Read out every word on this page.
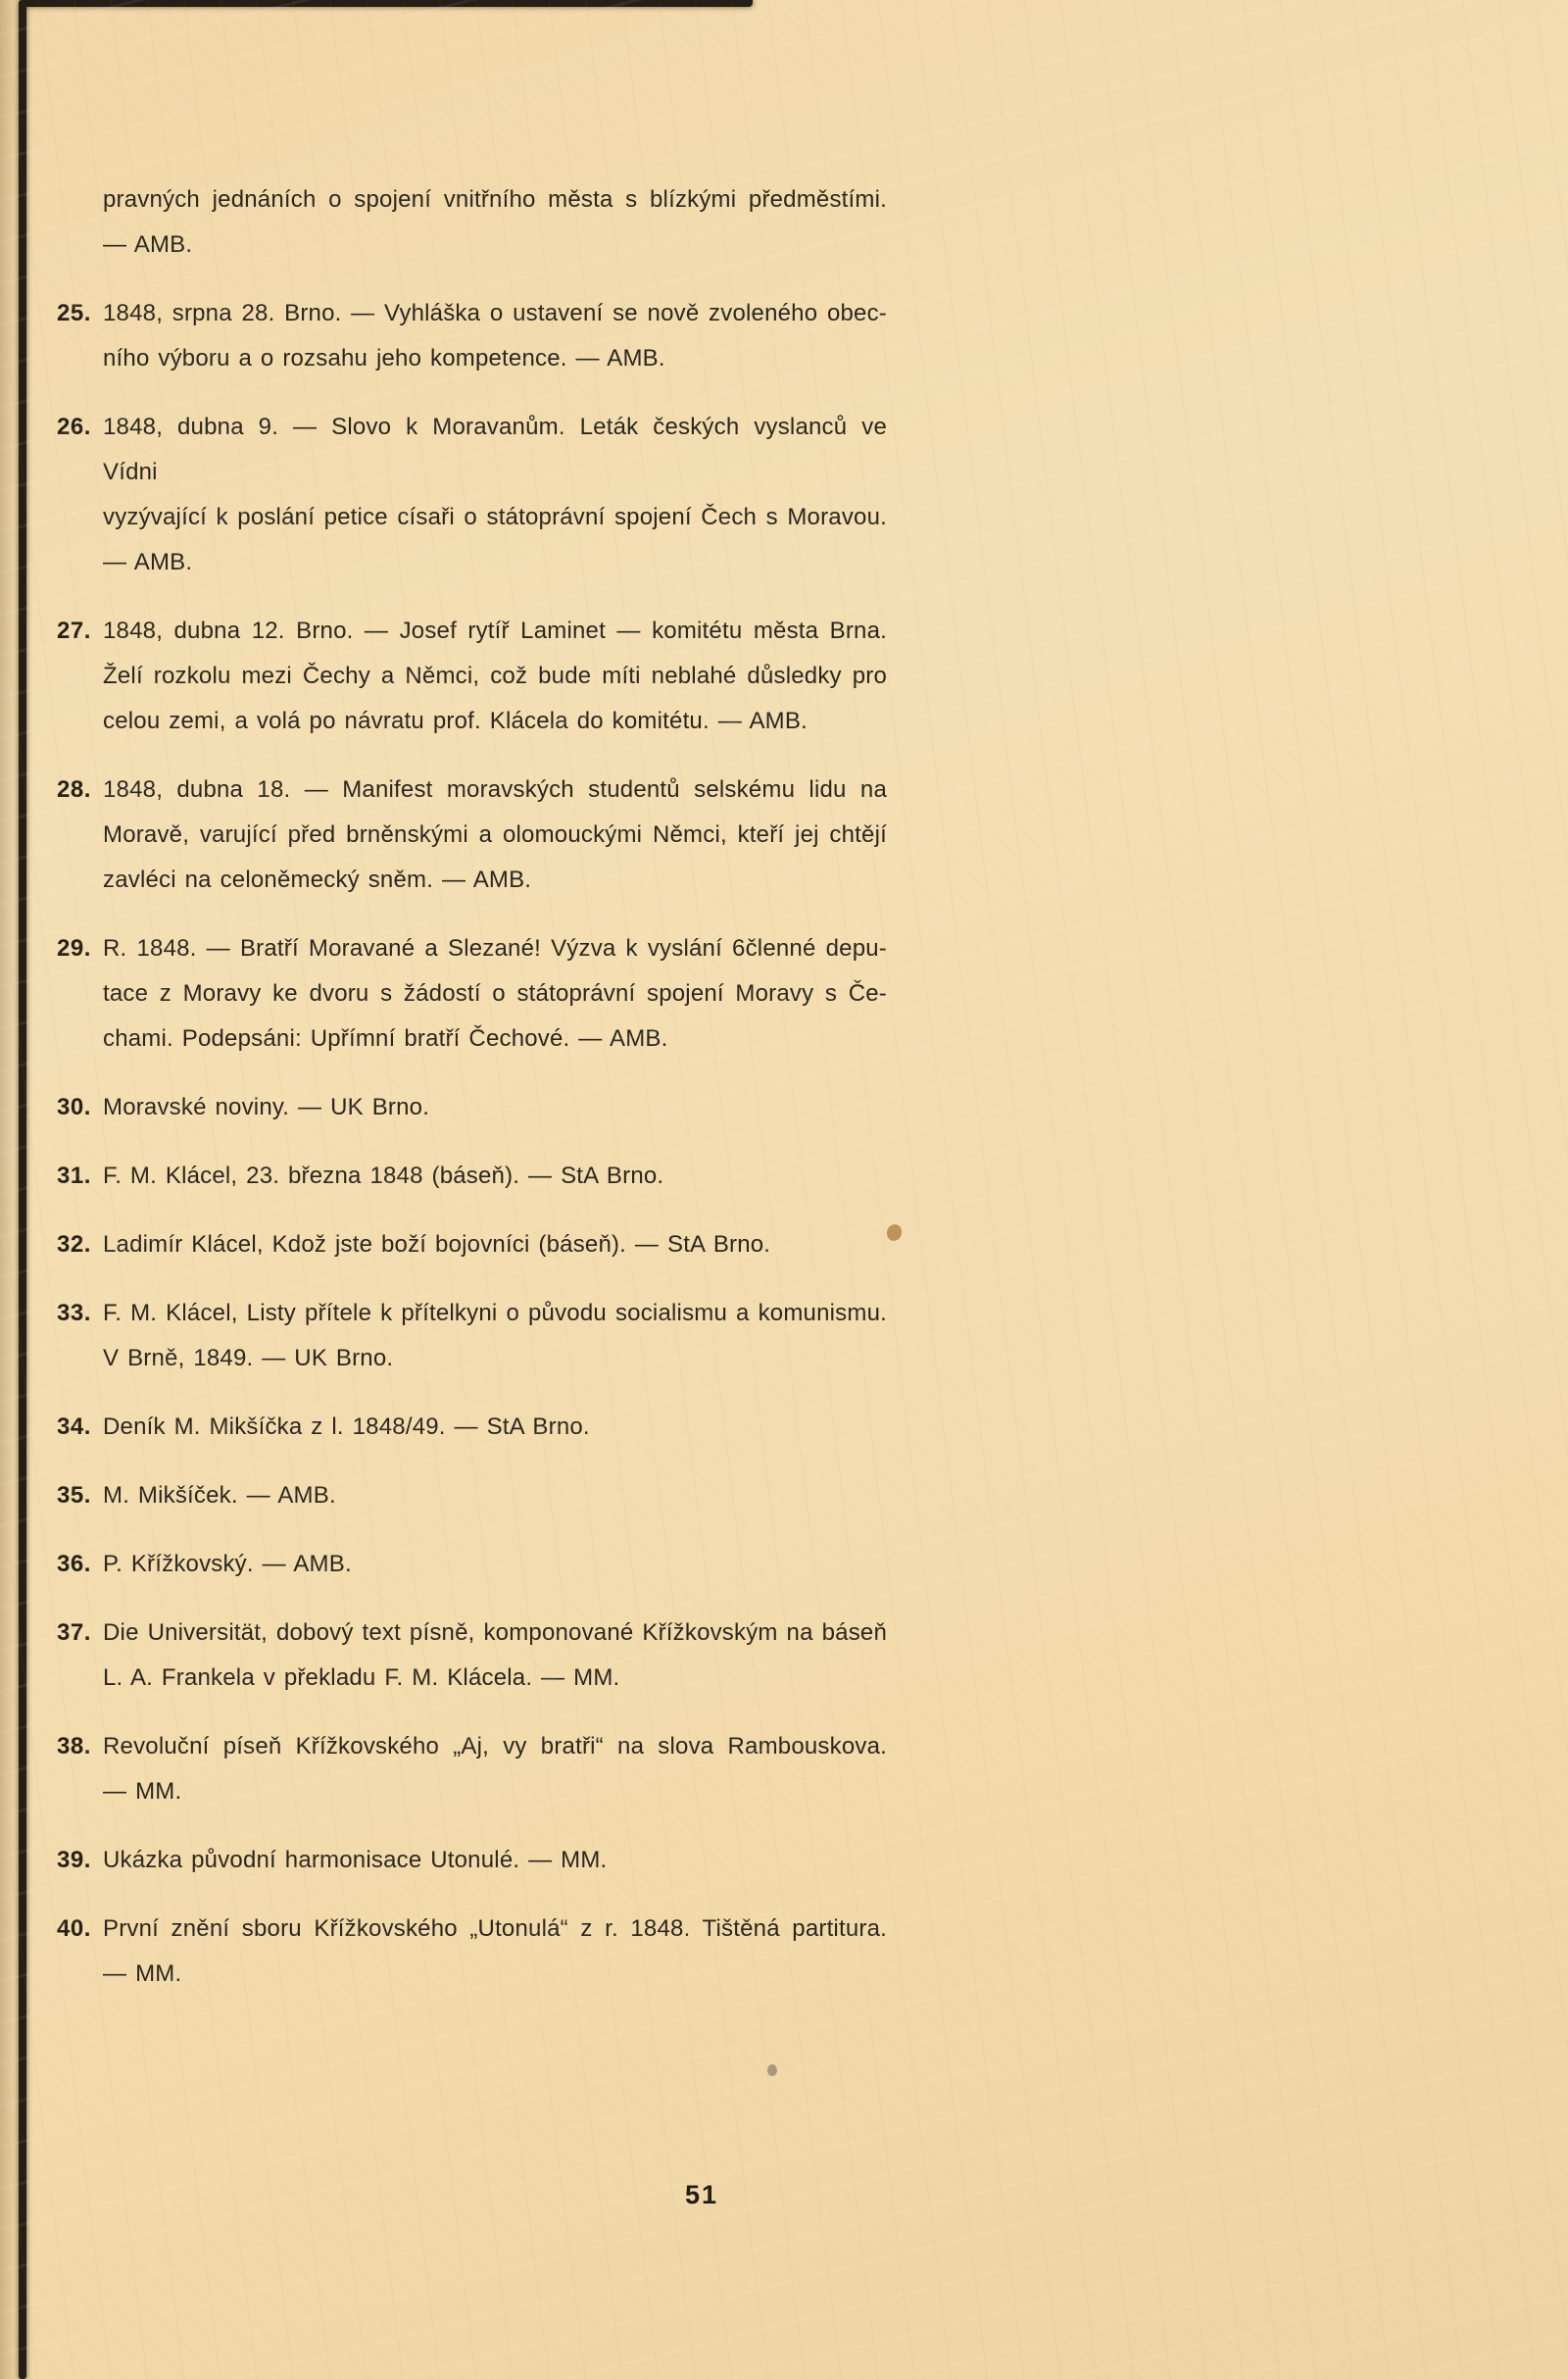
pravných jednáních o spojení vnitřního města s blízkými předměstími.
— AMB.
25. 1848, srpna 28. Brno. — Vyhláška o ustavení se nově zvoleného obec-
ního výboru a o rozsahu jeho kompetence. — AMB.
26. 1848, dubna 9. — Slovo k Moravanům. Leták českých vyslanců ve Vídni
vyzývající k poslání petice císaři o státoprávní spojení Čech s Moravou.
— AMB.
27. 1848, dubna 12. Brno. — Josef rytíř Laminet — komitétu města Brna.
Želí rozkolu mezi Čechy a Němci, což bude míti neblahé důsledky pro
celou zemi, a volá po návratu prof. Klácela do komitétu. — AMB.
28. 1848, dubna 18. — Manifest moravských studentů selskému lidu na
Moravě, varující před brněnskými a olomouckými Němci, kteří jej chtějí
zavléci na celoněmecký sněm. — AMB.
29. R. 1848. — Bratří Moravané a Slezané! Výzva k vyslání 6členné depu-
tace z Moravy ke dvoru s žádostí o státoprávní spojení Moravy s Če-
chami. Podepsáni: Upřímní bratří Čechové. — AMB.
30. Moravské noviny. — UK Brno.
31. F. M. Klácel, 23. března 1848 (báseň). — StA Brno.
32. Ladimír Klácel, Kdož jste boží bojovníci (báseň). — StA Brno.
33. F. M. Klácel, Listy přítele k přítelkyni o původu socialismu a komunismu.
V Brně, 1849. — UK Brno.
34. Deník M. Mikšíčka z l. 1848/49. — StA Brno.
35. M. Mikšíček. — AMB.
36. P. Křížkovský. — AMB.
37. Die Universität, dobový text písně, komponované Křížkovským na báseň
L. A. Frankela v překladu F. M. Klácela. — MM.
38. Revoluční píseň Křížkovského „Aj, vy bratři“ na slova Rambouskova.
— MM.
39. Ukázka původní harmonisace Utonulé. — MM.
40. První znění sboru Křížkovského „Utonulá“ z r. 1848. Tištěná partitura.
— MM.
51
